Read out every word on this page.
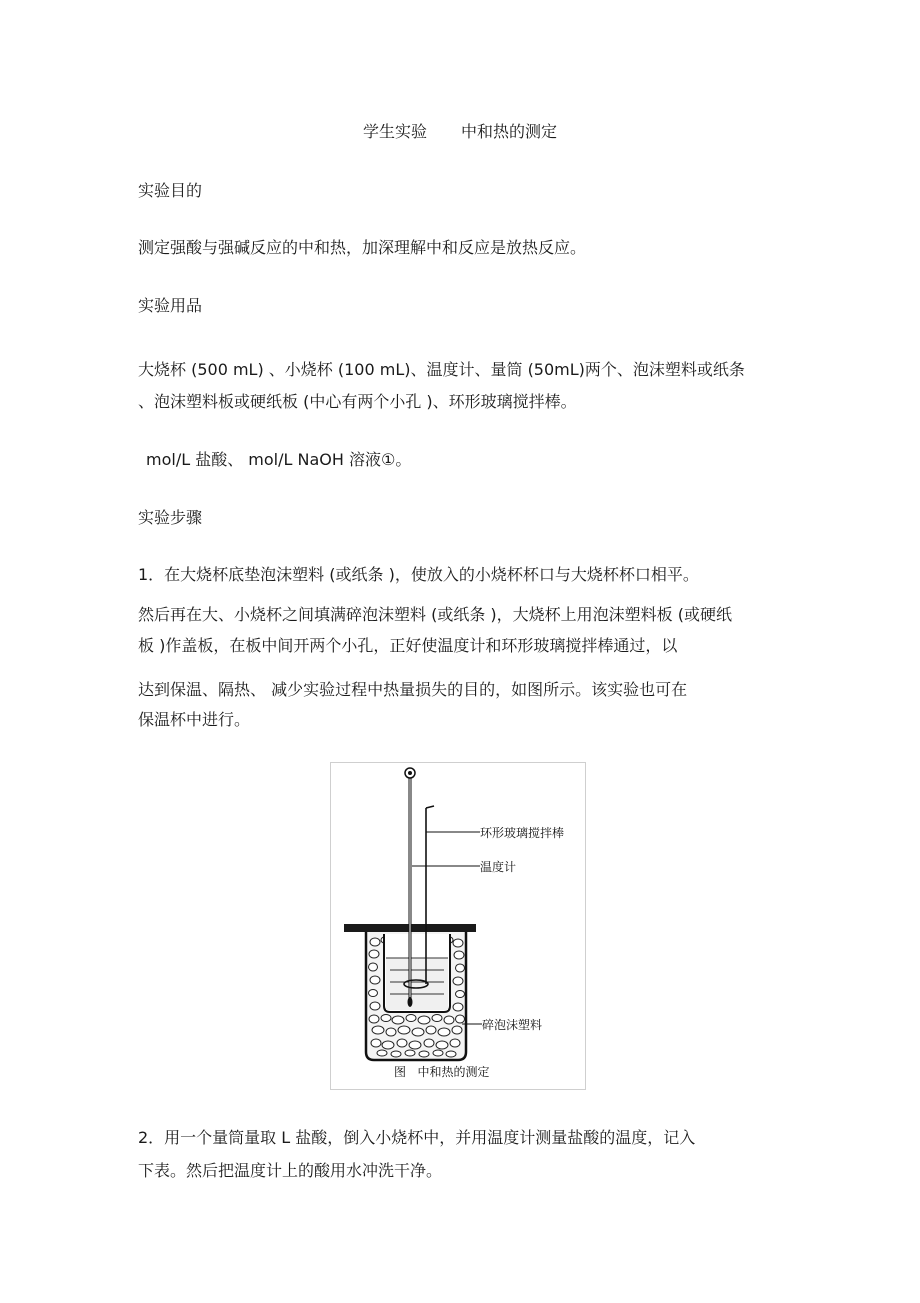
学生实验 中和热的测定
实验目的
测定强酸与强碱反应的中和热，加深理解中和反应是放热反应。
实验用品
大烧杯 (500 mL) 、小烧杯 (100 mL)、温度计、量筒 (50mL)两个、泡沫塑料或纸条
、泡沫塑料板或硬纸板 (中心有两个小孔 )、环形玻璃搅拌棒。
mol/L 盐酸、 mol/L NaOH 溶液①。
实验步骤
1．在大烧杯底垫泡沫塑料 (或纸条 )，使放入的小烧杯杯口与大烧杯杯口相平。
然后再在大、小烧杯之间填满碎泡沫塑料 (或纸条 )，大烧杯上用泡沫塑料板 (或硬纸
板 )作盖板，在板中间开两个小孔，正好使温度计和环形玻璃搅拌棒通过，以
达到保温、隔热、 减少实验过程中热量损失的目的，如图所示。该实验也可在
保温杯中进行。
环形玻璃搅拌棒
温度计
碎泡沫塑料
图   中和热的测定
2．用一个量筒量取 L 盐酸，倒入小烧杯中，并用温度计测量盐酸的温度，记入
下表。然后把温度计上的酸用水冲洗干净。
